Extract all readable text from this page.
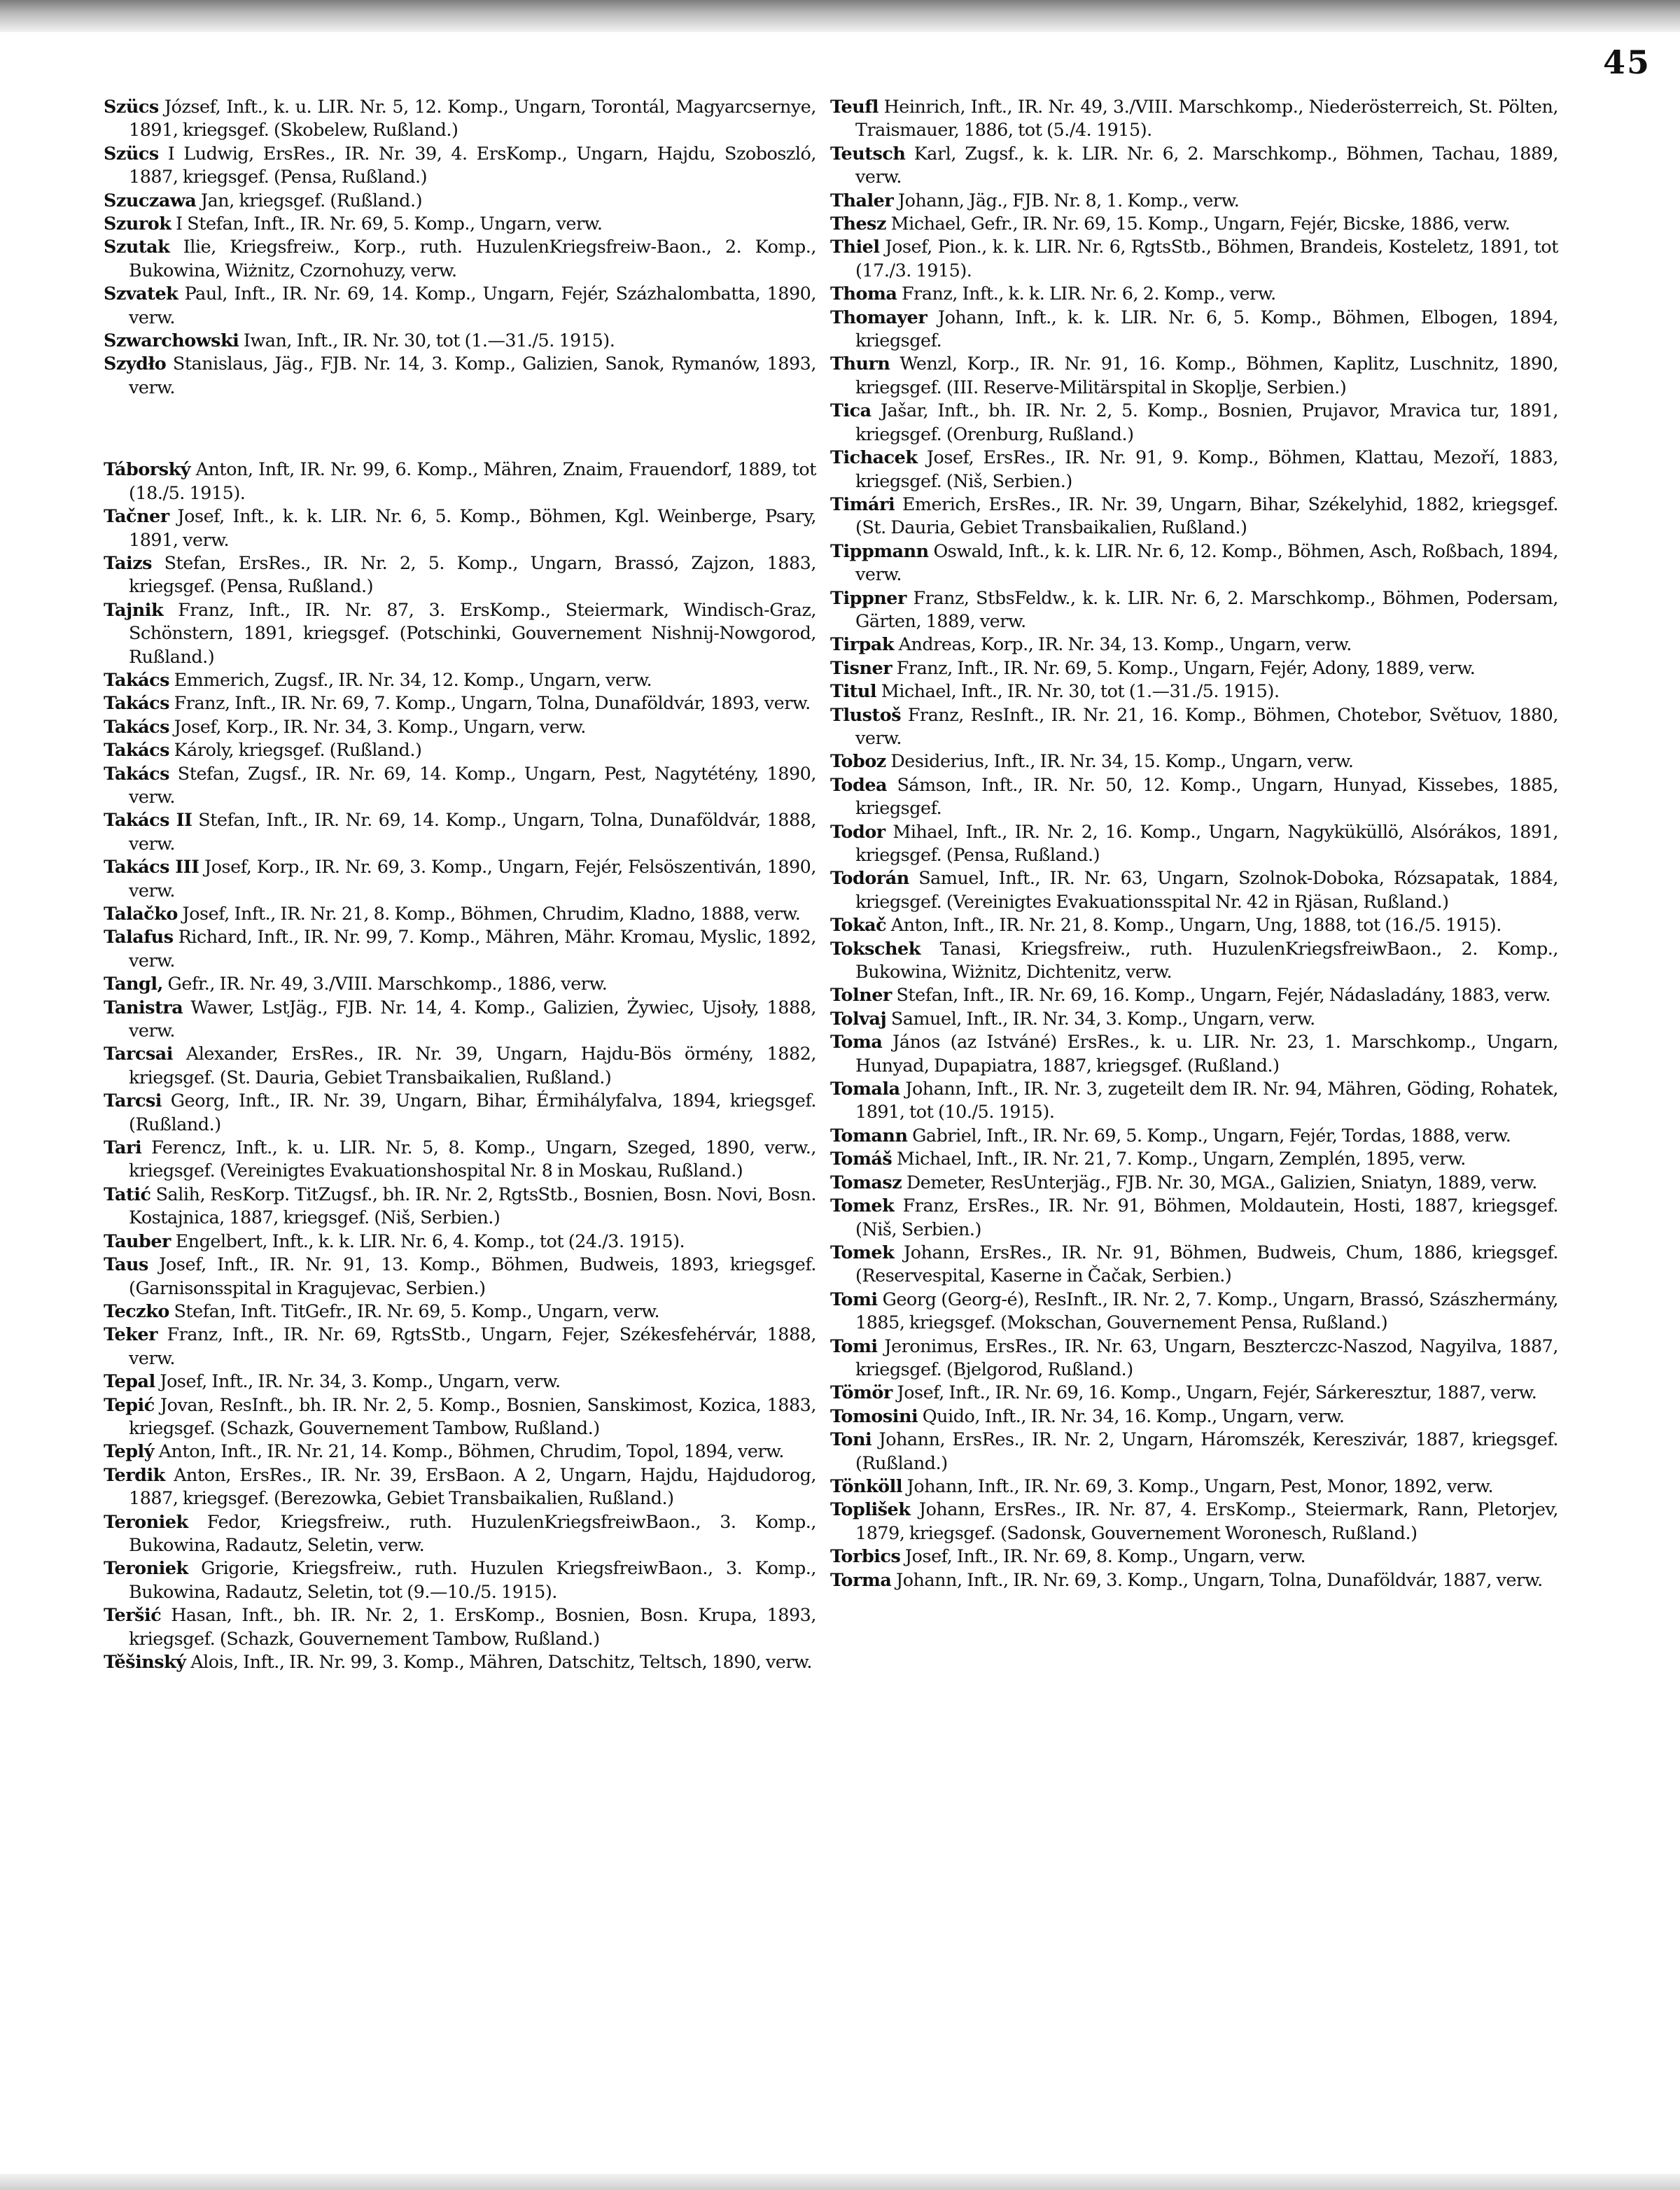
45

Szücs József, Inft., k. u. LIR. Nr. 5, 12. Komp., Ungarn, Torontál, Magyarcsernye, 1891, kriegsgef. (Skobelew, Rußland.)

Szücs I Ludwig, ErsRes., IR. Nr. 39, 4. ErsKomp., Ungarn, Hajdu, Szoboszló, 1887, kriegsgef. (Pensa, Rußland.)

Szuczawa Jan, kriegsgef. (Rußland.)

Szurok I Stefan, Inft., IR. Nr. 69, 5. Komp., Ungarn, verw.

Szutak Ilie, Kriegsfreiw., Korp., ruth. HuzulenKriegsfreiw-Baon., 2. Komp., Bukowina, Wiżnitz, Czornohuzy, verw.

Szvatek Paul, Inft., IR. Nr. 69, 14. Komp., Ungarn, Fejér, Százhalombatta, 1890, verw.

Szwarchowski Iwan, Inft., IR. Nr. 30, tot (1.—31./5. 1915).

Szydło Stanislaus, Jäg., FJB. Nr. 14, 3. Komp., Galizien, Sanok, Rymanów, 1893, verw.

Táborský Anton, Inft, IR. Nr. 99, 6. Komp., Mähren, Znaim, Frauendorf, 1889, tot (18./5. 1915).

Tačner Josef, Inft., k. k. LIR. Nr. 6, 5. Komp., Böhmen, Kgl. Weinberge, Psary, 1891, verw.

Taizs Stefan, ErsRes., IR. Nr. 2, 5. Komp., Ungarn, Brassó, Zajzon, 1883, kriegsgef. (Pensa, Rußland.)

Tajnik Franz, Inft., IR. Nr. 87, 3. ErsKomp., Steiermark, Windisch-Graz, Schönstern, 1891, kriegsgef. (Potschinki, Gouvernement Nishnij-Nowgorod, Rußland.)

Takács Emmerich, Zugsf., IR. Nr. 34, 12. Komp., Ungarn, verw.

Takács Franz, Inft., IR. Nr. 69, 7. Komp., Ungarn, Tolna, Dunaföldvár, 1893, verw.

Takács Josef, Korp., IR. Nr. 34, 3. Komp., Ungarn, verw.

Takács Károly, kriegsgef. (Rußland.)

Takács Stefan, Zugsf., IR. Nr. 69, 14. Komp., Ungarn, Pest, Nagytétény, 1890, verw.

Takács II Stefan, Inft., IR. Nr. 69, 14. Komp., Ungarn, Tolna, Dunaföldvár, 1888, verw.

Takács III Josef, Korp., IR. Nr. 69, 3. Komp., Ungarn, Fejér, Felsöszentiván, 1890, verw.

Talačko Josef, Inft., IR. Nr. 21, 8. Komp., Böhmen, Chrudim, Kladno, 1888, verw.

Talafus Richard, Inft., IR. Nr. 99, 7. Komp., Mähren, Mähr. Kromau, Myslic, 1892, verw.

Tangl, Gefr., IR. Nr. 49, 3./VIII. Marschkomp., 1886, verw.

Tanistra Wawer, LstJäg., FJB. Nr. 14, 4. Komp., Galizien, Żywiec, Ujsoły, 1888, verw.

Tarcsai Alexander, ErsRes., IR. Nr. 39, Ungarn, Hajdu-Bös örmény, 1882, kriegsgef. (St. Dauria, Gebiet Transbaikalien, Rußland.)

Tarcsi Georg, Inft., IR. Nr. 39, Ungarn, Bihar, Érmihályfalva, 1894, kriegsgef. (Rußland.)

Tari Ferencz, Inft., k. u. LIR. Nr. 5, 8. Komp., Ungarn, Szeged, 1890, verw., kriegsgef. (Vereinigtes Evakuationshospital Nr. 8 in Moskau, Rußland.)

Tatić Salih, ResKorp. TitZugsf., bh. IR. Nr. 2, RgtsStb., Bosnien, Bosn. Novi, Bosn. Kostajnica, 1887, kriegsgef. (Niš, Serbien.)

Tauber Engelbert, Inft., k. k. LIR. Nr. 6, 4. Komp., tot (24./3. 1915).

Taus Josef, Inft., IR. Nr. 91, 13. Komp., Böhmen, Budweis, 1893, kriegsgef. (Garnisonsspital in Kragujevac, Serbien.)

Teczko Stefan, Inft. TitGefr., IR. Nr. 69, 5. Komp., Ungarn, verw.

Teker Franz, Inft., IR. Nr. 69, RgtsStb., Ungarn, Fejer, Székesfehérvár, 1888, verw.

Tepal Josef, Inft., IR. Nr. 34, 3. Komp., Ungarn, verw.

Tepić Jovan, ResInft., bh. IR. Nr. 2, 5. Komp., Bosnien, Sanskimost, Kozica, 1883, kriegsgef. (Schazk, Gouvernement Tambow, Rußland.)

Teplý Anton, Inft., IR. Nr. 21, 14. Komp., Böhmen, Chrudim, Topol, 1894, verw.

Terdik Anton, ErsRes., IR. Nr. 39, ErsBaon. A 2, Ungarn, Hajdu, Hajdudorog, 1887, kriegsgef. (Berezowka, Gebiet Transbaikalien, Rußland.)

Teroniek Fedor, Kriegsfreiw., ruth. HuzulenKriegsfreiwBaon., 3. Komp., Bukowina, Radautz, Seletin, verw.

Teroniek Grigorie, Kriegsfreiw., ruth. Huzulen KriegsfreiwBaon., 3. Komp., Bukowina, Radautz, Seletin, tot (9.—10./5. 1915).

Teršić Hasan, Inft., bh. IR. Nr. 2, 1. ErsKomp., Bosnien, Bosn. Krupa, 1893, kriegsgef. (Schazk, Gouvernement Tambow, Rußland.)

Těšinský Alois, Inft., IR. Nr. 99, 3. Komp., Mähren, Datschitz, Teltsch, 1890, verw.

Teufl Heinrich, Inft., IR. Nr. 49, 3./VIII. Marschkomp., Niederösterreich, St. Pölten, Traismauer, 1886, tot (5./4. 1915).

Teutsch Karl, Zugsf., k. k. LIR. Nr. 6, 2. Marschkomp., Böhmen, Tachau, 1889, verw.

Thaler Johann, Jäg., FJB. Nr. 8, 1. Komp., verw.

Thesz Michael, Gefr., IR. Nr. 69, 15. Komp., Ungarn, Fejér, Bicske, 1886, verw.

Thiel Josef, Pion., k. k. LIR. Nr. 6, RgtsStb., Böhmen, Brandeis, Kosteletz, 1891, tot (17./3. 1915).

Thoma Franz, Inft., k. k. LIR. Nr. 6, 2. Komp., verw.

Thomayer Johann, Inft., k. k. LIR. Nr. 6, 5. Komp., Böhmen, Elbogen, 1894, kriegsgef.

Thurn Wenzl, Korp., IR. Nr. 91, 16. Komp., Böhmen, Kaplitz, Luschnitz, 1890, kriegsgef. (III. Reserve-Militärspital in Skoplje, Serbien.)

Tica Jašar, Inft., bh. IR. Nr. 2, 5. Komp., Bosnien, Prujavor, Mravica tur, 1891, kriegsgef. (Orenburg, Rußland.)

Tichacek Josef, ErsRes., IR. Nr. 91, 9. Komp., Böhmen, Klattau, Mezoří, 1883, kriegsgef. (Niš, Serbien.)

Timári Emerich, ErsRes., IR. Nr. 39, Ungarn, Bihar, Székelyhid, 1882, kriegsgef. (St. Dauria, Gebiet Transbaikalien, Rußland.)

Tippmann Oswald, Inft., k. k. LIR. Nr. 6, 12. Komp., Böhmen, Asch, Roßbach, 1894, verw.

Tippner Franz, StbsFeldw., k. k. LIR. Nr. 6, 2. Marschkomp., Böhmen, Podersam, Gärten, 1889, verw.

Tirpak Andreas, Korp., IR. Nr. 34, 13. Komp., Ungarn, verw.

Tisner Franz, Inft., IR. Nr. 69, 5. Komp., Ungarn, Fejér, Adony, 1889, verw.

Titul Michael, Inft., IR. Nr. 30, tot (1.—31./5. 1915).

Tlustoš Franz, ResInft., IR. Nr. 21, 16. Komp., Böhmen, Chotebor, Světuov, 1880, verw.

Toboz Desiderius, Inft., IR. Nr. 34, 15. Komp., Ungarn, verw.

Todea Sámson, Inft., IR. Nr. 50, 12. Komp., Ungarn, Hunyad, Kissebes, 1885, kriegsgef.

Todor Mihael, Inft., IR. Nr. 2, 16. Komp., Ungarn, Nagyküküllö, Alsórákos, 1891, kriegsgef. (Pensa, Rußland.)

Todorán Samuel, Inft., IR. Nr. 63, Ungarn, Szolnok-Doboka, Rózsapatak, 1884, kriegsgef. (Vereinigtes Evakuationsspital Nr. 42 in Rjäsan, Rußland.)

Tokač Anton, Inft., IR. Nr. 21, 8. Komp., Ungarn, Ung, 1888, tot (16./5. 1915).

Tokschek Tanasi, Kriegsfreiw., ruth. HuzulenKriegsfreiwBaon., 2. Komp., Bukowina, Wiżnitz, Dichtenitz, verw.

Tolner Stefan, Inft., IR. Nr. 69, 16. Komp., Ungarn, Fejér, Nádasladány, 1883, verw.

Tolvaj Samuel, Inft., IR. Nr. 34, 3. Komp., Ungarn, verw.

Toma János (az Istváné) ErsRes., k. u. LIR. Nr. 23, 1. Marschkomp., Ungarn, Hunyad, Dupapiatra, 1887, kriegsgef. (Rußland.)

Tomala Johann, Inft., IR. Nr. 3, zugeteilt dem IR. Nr. 94, Mähren, Göding, Rohatek, 1891, tot (10./5. 1915).

Tomann Gabriel, Inft., IR. Nr. 69, 5. Komp., Ungarn, Fejér, Tordas, 1888, verw.

Tomáš Michael, Inft., IR. Nr. 21, 7. Komp., Ungarn, Zemplén, 1895, verw.

Tomasz Demeter, ResUnterjäg., FJB. Nr. 30, MGA., Galizien, Sniatyn, 1889, verw.

Tomek Franz, ErsRes., IR. Nr. 91, Böhmen, Moldautein, Hosti, 1887, kriegsgef. (Niš, Serbien.)

Tomek Johann, ErsRes., IR. Nr. 91, Böhmen, Budweis, Chum, 1886, kriegsgef. (Reservespital, Kaserne in Čačak, Serbien.)

Tomi Georg (Georg-é), ResInft., IR. Nr. 2, 7. Komp., Ungarn, Brassó, Szászhermány, 1885, kriegsgef. (Mokschan, Gouvernement Pensa, Rußland.)

Tomi Jeronimus, ErsRes., IR. Nr. 63, Ungarn, Beszterczc-Naszod, Nagyilva, 1887, kriegsgef. (Bjelgorod, Rußland.)

Tömör Josef, Inft., IR. Nr. 69, 16. Komp., Ungarn, Fejér, Sárkeresztur, 1887, verw.

Tomosini Quido, Inft., IR. Nr. 34, 16. Komp., Ungarn, verw.

Toni Johann, ErsRes., IR. Nr. 2, Ungarn, Háromszék, Kereszivár, 1887, kriegsgef. (Rußland.)

Tönköll Johann, Inft., IR. Nr. 69, 3. Komp., Ungarn, Pest, Monor, 1892, verw.

Toplišek Johann, ErsRes., IR. Nr. 87, 4. ErsKomp., Steiermark, Rann, Pletorjev, 1879, kriegsgef. (Sadonsk, Gouvernement Woronesch, Rußland.)

Torbics Josef, Inft., IR. Nr. 69, 8. Komp., Ungarn, verw.

Torma Johann, Inft., IR. Nr. 69, 3. Komp., Ungarn, Tolna, Dunaföldvár, 1887, verw.
